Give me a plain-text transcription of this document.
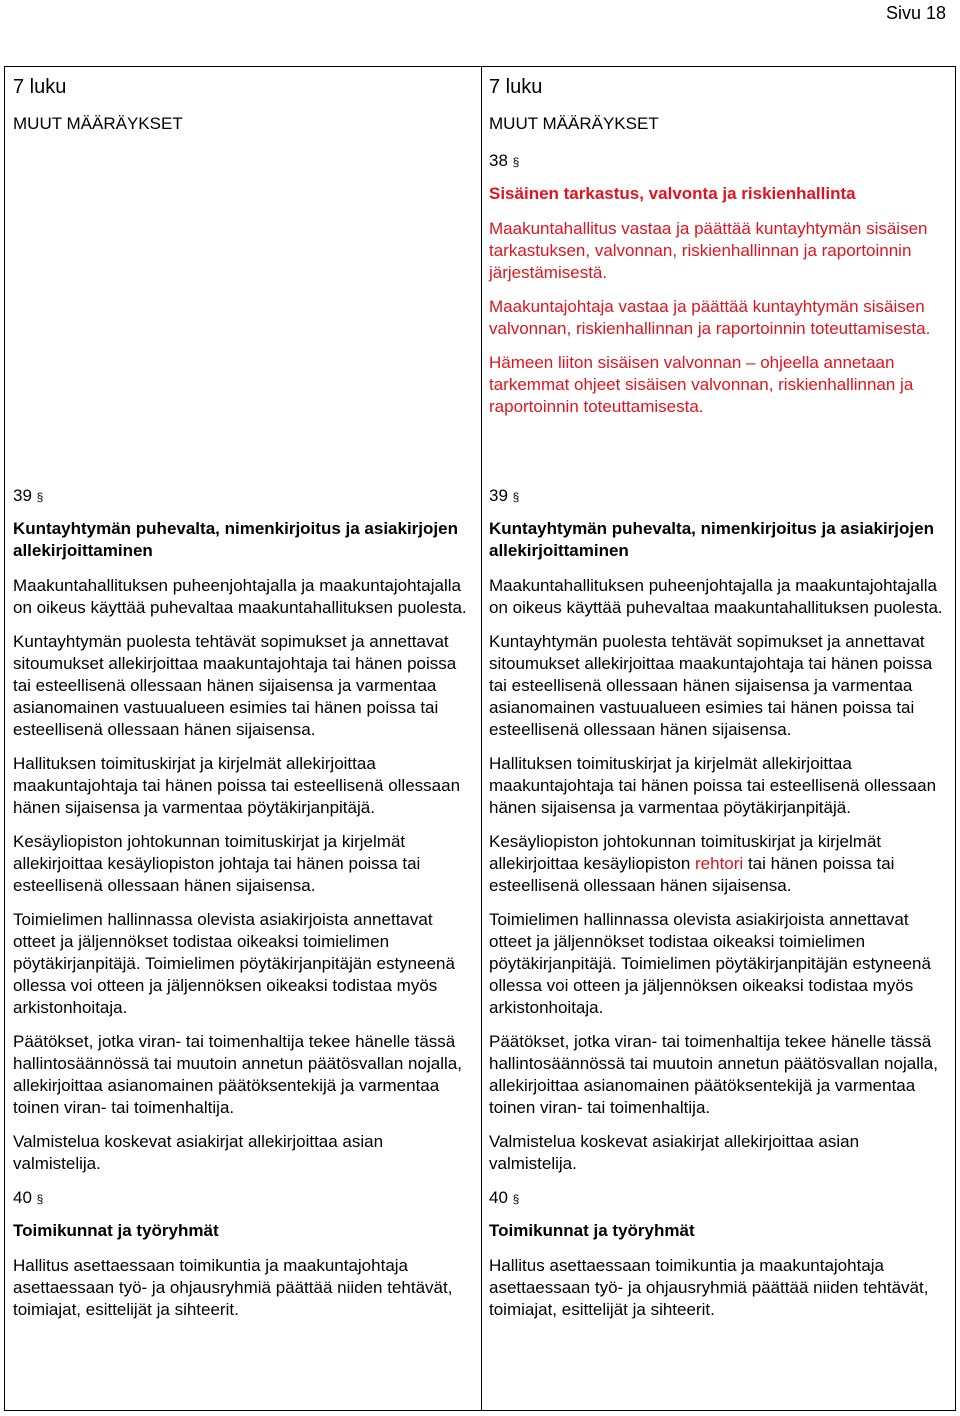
Sivu 18

7 luku

MUUT MÄÄRÄYKSET

39 §

Kuntayhtymän puhevalta, nimenkirjoitus ja asiakirjojen allekirjoittaminen

Maakuntahallituksen puheenjohtajalla ja maakuntajohtajalla on oikeus käyttää puhevaltaa maakuntahallituksen puolesta.

Kuntayhtymän puolesta tehtävät sopimukset ja annettavat sitoumukset allekirjoittaa maakuntajohtaja tai hänen poissa tai esteellisenä ollessaan hänen sijaisensa ja varmentaa asianomainen vastuualueen esimies tai hänen poissa tai esteellisenä ollessaan hänen sijaisensa.

Hallituksen toimituskirjat ja kirjelmät allekirjoittaa maakuntajohtaja tai hänen poissa tai esteellisenä ollessaan hänen sijaisensa ja varmentaa pöytäkirjanpitäjä.

Kesäyliopiston johtokunnan toimituskirjat ja kirjelmät allekirjoittaa kesäyliopiston johtaja tai hänen poissa tai esteellisenä ollessaan hänen sijaisensa.

Toimielimen hallinnassa olevista asiakirjoista annettavat otteet ja jäljennökset todistaa oikeaksi toimielimen pöytäkirjanpitäjä. Toimielimen pöytäkirjanpitäjän estyneenä ollessa voi otteen ja jäljennöksen oikeaksi todistaa myös arkistonhoitaja.

Päätökset, jotka viran- tai toimenhaltija tekee hänelle tässä hallintosäännössä tai muutoin annetun päätösvallan nojalla, allekirjoittaa asianomainen päätöksentekijä ja varmentaa toinen viran- tai toimenhaltija.

Valmistelua koskevat asiakirjat allekirjoittaa asian valmistelija.

40 §

Toimikunnat ja työryhmät

Hallitus asettaessaan toimikuntia ja maakuntajohtaja asettaessaan työ- ja ohjausryhmiä päättää niiden tehtävät, toimiajat, esittelijät ja sihteerit.

7 luku

MUUT MÄÄRÄYKSET

38 §

Sisäinen tarkastus, valvonta ja riskienhallinta

Maakuntahallitus vastaa ja päättää kuntayhtymän sisäisen tarkastuksen, valvonnan, riskienhallinnan ja raportoinnin järjestämisestä.

Maakuntajohtaja vastaa ja päättää kuntayhtymän sisäisen valvonnan, riskienhallinnan ja raportoinnin toteuttamisesta.

Hämeen liiton sisäisen valvonnan – ohjeella annetaan tarkemmat ohjeet sisäisen valvonnan, riskienhallinnan ja raportoinnin toteuttamisesta.

39 §

Kuntayhtymän puhevalta, nimenkirjoitus ja asiakirjojen allekirjoittaminen

Maakuntahallituksen puheenjohtajalla ja maakuntajohtajalla on oikeus käyttää puhevaltaa maakuntahallituksen puolesta.

Kuntayhtymän puolesta tehtävät sopimukset ja annettavat sitoumukset allekirjoittaa maakuntajohtaja tai hänen poissa tai esteellisenä ollessaan hänen sijaisensa ja varmentaa asianomainen vastuualueen esimies tai hänen poissa tai esteellisenä ollessaan hänen sijaisensa.

Hallituksen toimituskirjat ja kirjelmät allekirjoittaa maakuntajohtaja tai hänen poissa tai esteellisenä ollessaan hänen sijaisensa ja varmentaa pöytäkirjanpitäjä.

Kesäyliopiston johtokunnan toimituskirjat ja kirjelmät allekirjoittaa kesäyliopiston rehtori tai hänen poissa tai esteellisenä ollessaan hänen sijaisensa.

Toimielimen hallinnassa olevista asiakirjoista annettavat otteet ja jäljennökset todistaa oikeaksi toimielimen pöytäkirjanpitäjä. Toimielimen pöytäkirjanpitäjän estyneenä ollessa voi otteen ja jäljennöksen oikeaksi todistaa myös arkistonhoitaja.

Päätökset, jotka viran- tai toimenhaltija tekee hänelle tässä hallintosäännössä tai muutoin annetun päätösvallan nojalla, allekirjoittaa asianomainen päätöksentekijä ja varmentaa toinen viran- tai toimenhaltija.

Valmistelua koskevat asiakirjat allekirjoittaa asian valmistelija.

40 §

Toimikunnat ja työryhmät

Hallitus asettaessaan toimikuntia ja maakuntajohtaja asettaessaan työ- ja ohjausryhmiä päättää niiden tehtävät, toimiajat, esittelijät ja sihteerit.
